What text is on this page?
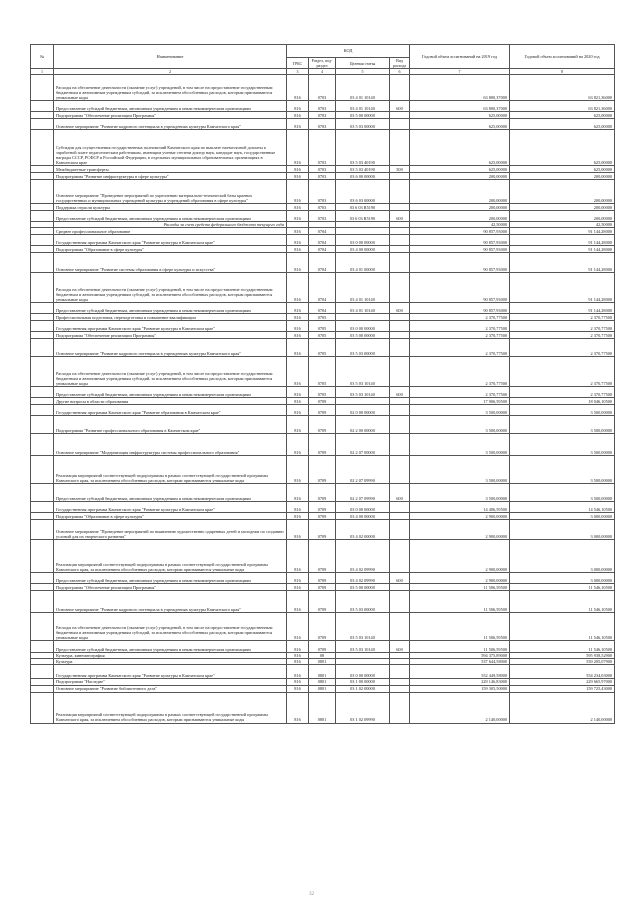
№	Наименование	КОД				Годовой объем ассигнований на 2019 год	Годовой объем ассигнований на 2020 год
		ГРБС	Раздел, под- раздел	Целевая статья	Вид расхода		
1	2	3	4	5	6	7	8
	Расходы на обеспечение деятельности (оказание услуг) учреждений, в том числе на предоставление государственным бюджетным и автономным учреждениям субсидий, за исключением обособленных расходов, которым присваиваются уникальные коды	816	0703	03 4 01 10140		63 800,37000	63 821,36000
	Предоставление субсидий бюджетным, автономным учреждениям и иным некоммерческим организациям	816	0703	03 4 01 10140	600	63 800,37000	63 821,36000
	Подпрограмма "Обеспечение реализации Программы"	816	0703	03 5 00 00000		625,00000	625,00000
	Основное мероприятие "Развитие кадрового потенциала в учреждениях культуры Камчатского края"	816	0703	03 5 03 00000		625,00000	625,00000
	Субсидии для осуществления государственных полномочий Камчатского края по выплате ежемесячной доплаты к заработной плате педагогическим работникам, имеющим ученые степени доктор наук, кандидат наук, государственные награды СССР, РСФСР и Российской Федерации, в отдельных муниципальных образовательных организациях в Камчатском крае	816	0703	03 5 03 40190		625,00000	625,00000
	Межбюджетные трансферты	816	0703	03 5 03 40190	500	625,00000	625,00000
	Подпрограмма "Развитие инфраструктуры в сфере культуры"	816	0703	03 6 00 00000		200,00000	200,00000
	Основное мероприятие "Проведение мероприятий по укреплению материально-технической базы краевых государственных и муниципальных учреждений культуры и учреждений образования в сфере культуры"	816	0703	03 6 03 00000		200,00000	200,00000
	Поддержка отрасли культуры	816	0703	03 6 03 R5190		200,00000	200,00000
	Предоставление субсидий бюджетным, автономным учреждениям и иным некоммерческим организациям	816	0703	03 6 03 R5190	600	200,00000	200,00000
	Расходы за счет средств федерального бюджета текущего года					42,50000	42,50000
	Среднее профессиональное образование	816	0704			90 857,93000	91 144,28000
	Государственная программа Камчатского края "Развитие культуры в Камчатском крае"	816	0704	03 0 00 00000		90 857,93000	91 144,28000
	Подпрограмма "Образование в сфере культуры"	816	0704	03 4 00 00000		90 857,93000	91 144,28000
	Основное мероприятие "Развитие системы образования в сфере культуры и искусства"	816	0704	03 4 01 00000		90 857,93000	91 144,28000
	Расходы на обеспечение деятельности (оказание услуг) учреждений, в том числе на предоставление государственным бюджетным и автономным учреждениям субсидий, за исключением обособленных расходов, которым присваиваются уникальные коды	816	0704	03 4 01 10140		90 857,93000	91 144,28000
	Предоставление субсидий бюджетным, автономным учреждениям и иным некоммерческим организациям	816	0704	03 4 01 10140	600	90 857,93000	91 144,28000
	Профессиональная подготовка, переподготовка и повышение квалификации	816	0705			2 370,77500	2 370,77500
	Государственная программа Камчатского края "Развитие культуры в Камчатском крае"	816	0705	03 0 00 00000		2 370,77500	2 370,77500
	Подпрограмма "Обеспечение реализации Программы"	816	0705	03 5 00 00000		2 370,77500	2 370,77500
	Основное мероприятие "Развитие кадрового потенциала в учреждениях культуры Камчатского края"	816	0705	03 5 03 00000		2 370,77500	2 370,77500
	Расходы на обеспечение деятельности (оказание услуг) учреждений, в том числе на предоставление государственным бюджетным и автономным учреждениям субсидий, за исключением обособленных расходов, которым присваиваются уникальные коды	816	0705	03 5 03 10140		2 370,77500	2 370,77500
	Предоставление субсидий бюджетным, автономным учреждениям и иным некоммерческим организациям	816	0705	03 5 03 10140	600	2 370,77500	2 370,77500
	Другие вопросы в области образования	816	0709			17 906,59500	18 046,10500
	Государственная программа Камчатского края "Развитие образования в Камчатском крае"	816	0709	02 0 00 00000		3 500,00000	3 500,00000
	Подпрограмма "Развитие профессионального образования в Камчатском крае"	816	0709	02 2 00 00000		3 500,00000	3 500,00000
	Основное мероприятие "Модернизация инфраструктуры системы профессионального образования"	816	0709	02 2 07 00000		3 500,00000	3 500,00000
	Реализация мероприятий соответствующей подпрограммы в рамках соответствующей государственной программы Камчатского края, за исключением обособленных расходов, которым присваиваются уникальные коды	816	0709	02 2 07 09990		3 500,00000	3 500,00000
	Предоставление субсидий бюджетным, автономным учреждениям и иным некоммерческим организациям	816	0709	02 2 07 09990	600	3 500,00000	3 500,00000
	Государственная программа Камчатского края "Развитие культуры в Камчатском крае"	816	0709	03 0 00 00000		14 406,59500	14 546,10500
	Подпрограмма "Образование в сфере культуры"	816	0709	03 4 00 00000		2 900,00000	3 000,00000
	Основное мероприятие "Проведение мероприятий по выявлению художественно одаренных детей и молодежи по созданию условий для их творческого развития"	816	0709	03 4 02 00000		2 900,00000	3 000,00000
	Реализация мероприятий соответствующей подпрограммы в рамках соответствующей государственной программы Камчатского края, за исключением обособленных расходов, которым присваиваются уникальные коды	816	0709	03 4 02 09990		2 900,00000	3 000,00000
	Предоставление субсидий бюджетным, автономным учреждениям и иным некоммерческим организациям	816	0709	03 4 02 09990	600	2 900,00000	3 000,00000
	Подпрограмма "Обеспечение реализации Программы"	816	0709	03 5 00 00000		11 506,59500	11 546,10500
	Основное мероприятие "Развитие кадрового потенциала в учреждениях культуры Камчатского края"	816	0709	03 5 03 00000		11 506,59500	11 546,10500
	Расходы на обеспечение деятельности (оказание услуг) учреждений, в том числе на предоставление государственным бюджетным и автономным учреждениям субсидий, за исключением обособленных расходов, которым присваиваются уникальные коды	816	0709	03 5 03 10140		11 506,59500	11 546,10500
	Предоставление субсидий бюджетным, автономным учреждениям и иным некоммерческим организациям	816	0709	03 5 03 10140	600	11 506,59500	11 546,10500
	Культура, кинематография	816	08			594 375,89000	595 938,52900
	Культура	816	0801			537 644,58000	539 205,07900
	Государственная программа Камчатского края "Развитие культуры в Камчатском крае"	816	0801	03 0 00 00000		552 449,58000	554 234,03000
	Подпрограмма "Наследие"	816	0801	03 1 00 00000		229 146,83000	229 665,97000
	Основное мероприятие "Развитие библиотечного дела"	816	0801	03 1 02 00000		159 305,50000	159 725,43000
	Реализация мероприятий соответствующей подпрограммы в рамках соответствующей государственной программы Камчатского края, за исключением обособленных расходов, которым присваиваются уникальные коды	816	0801	03 1 02 09990		2 140,00000	2 140,00000
32
